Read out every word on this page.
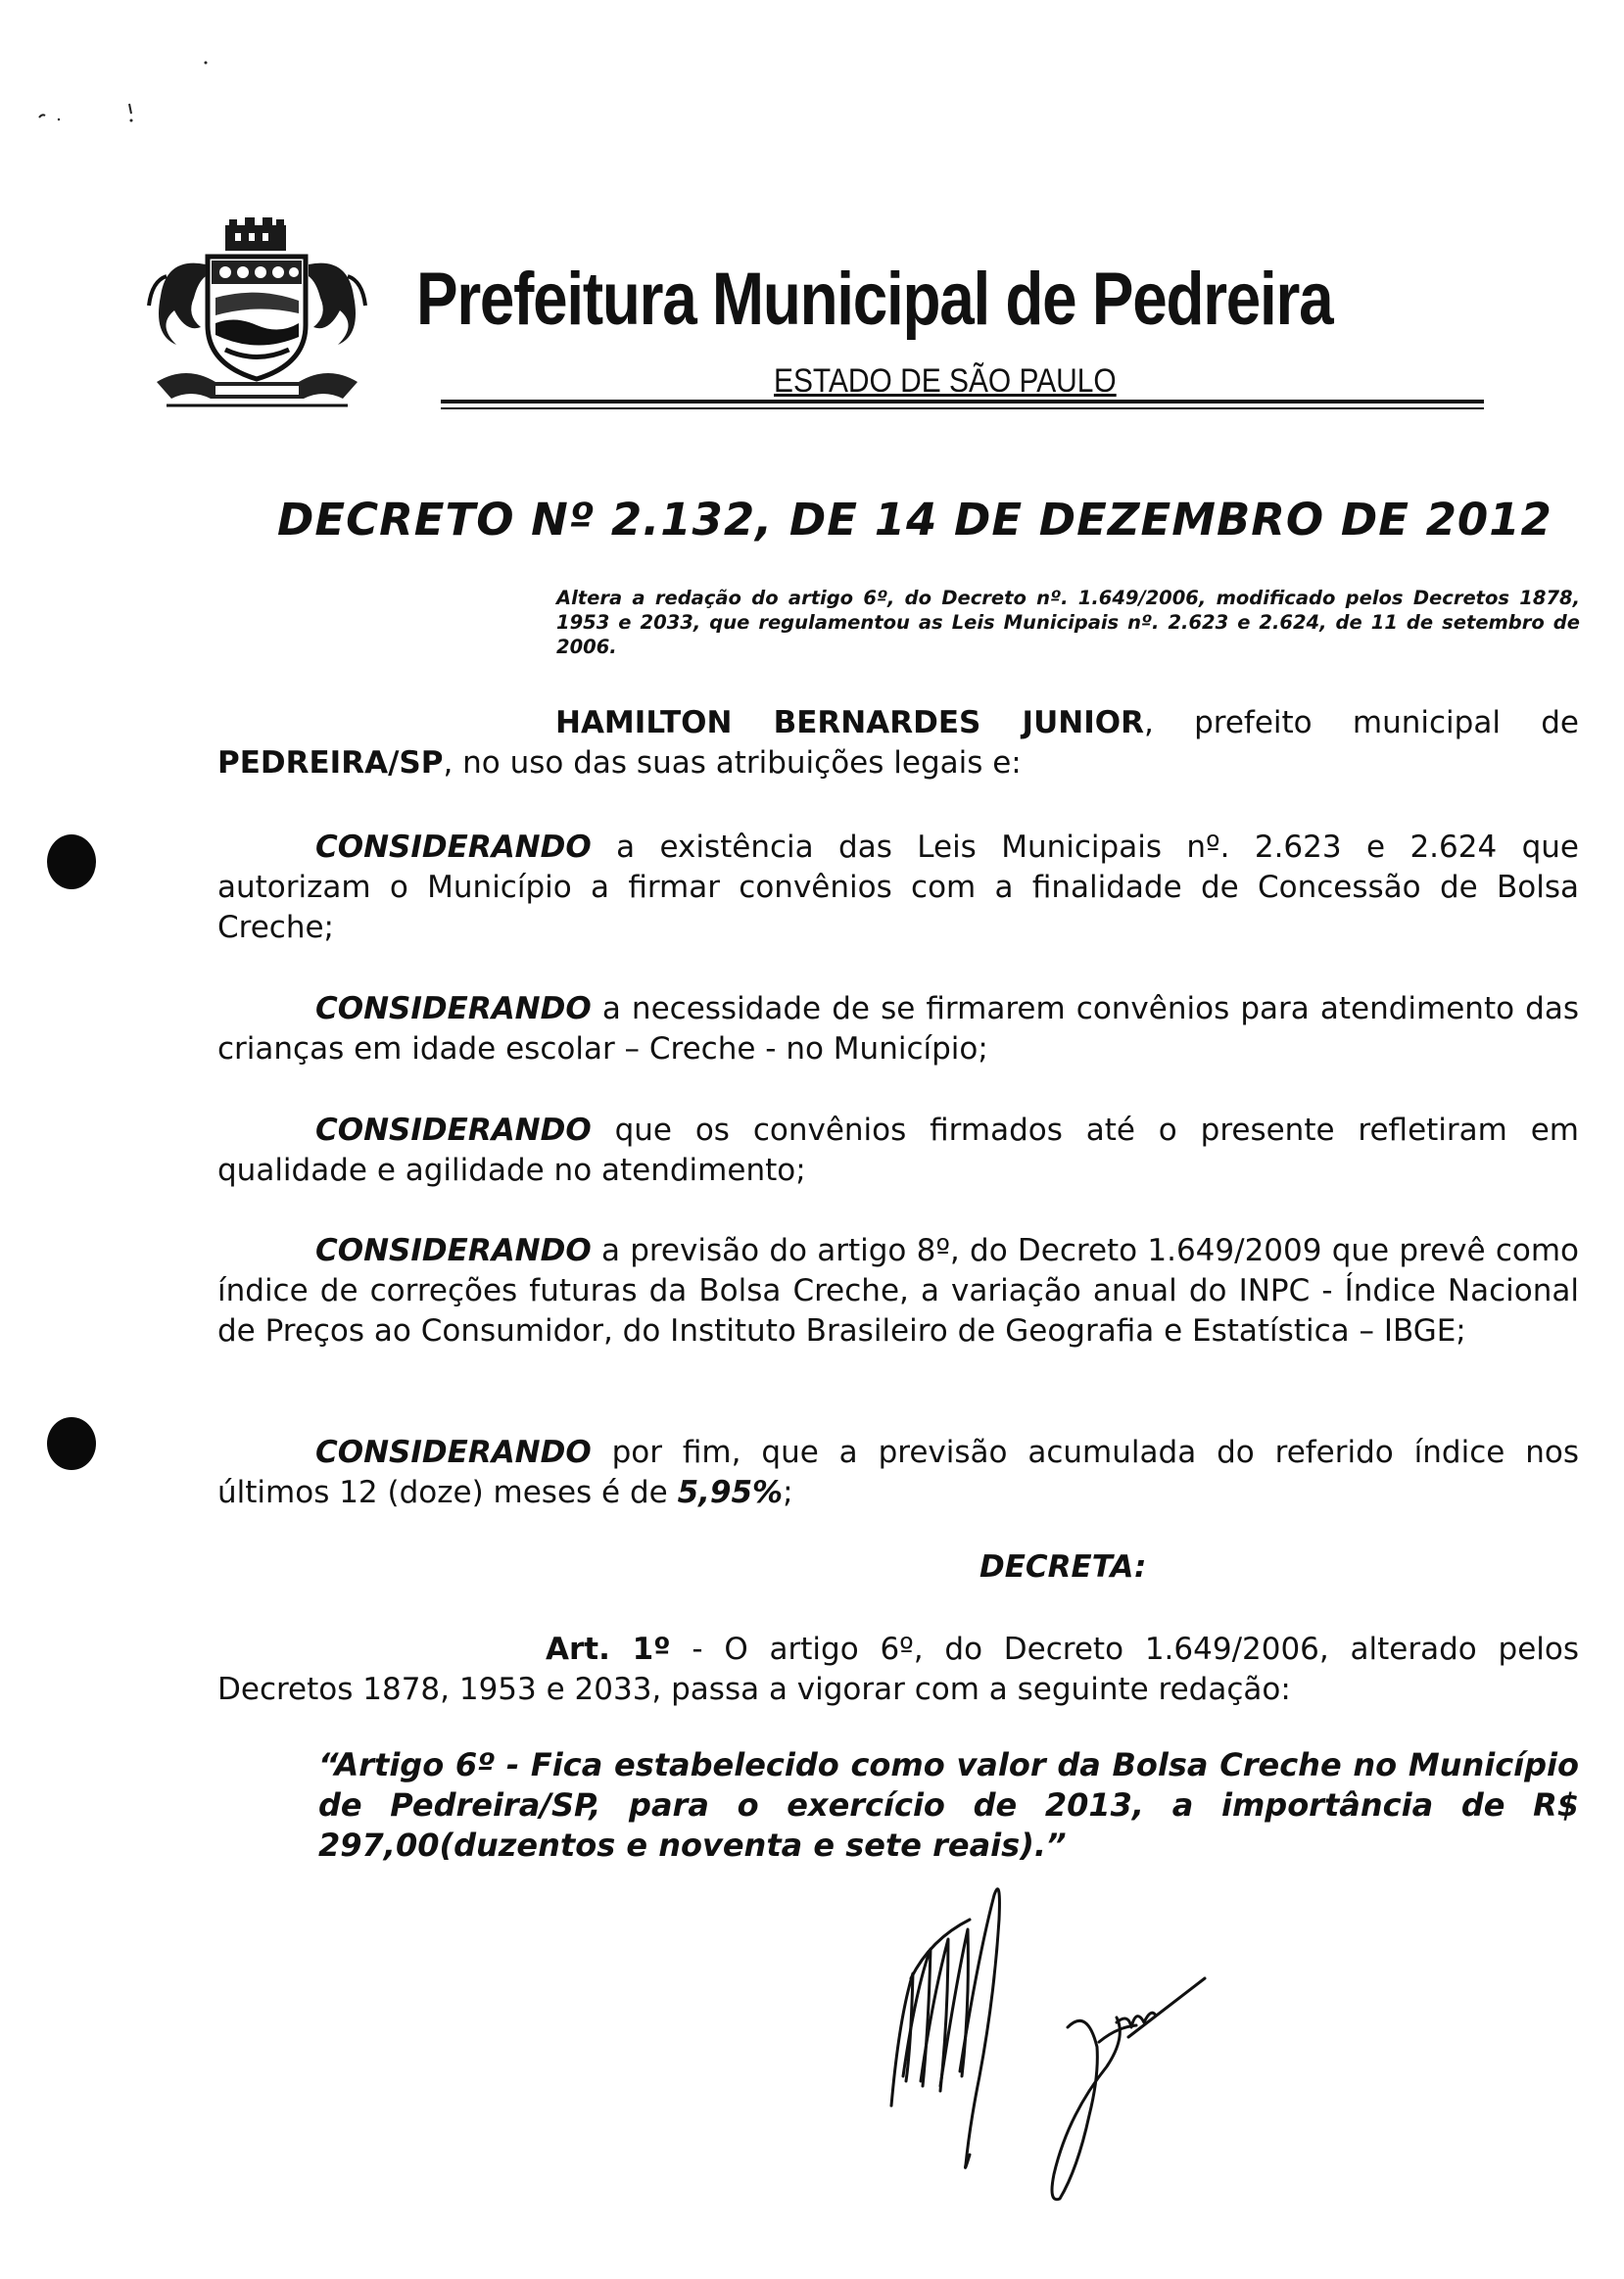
Prefeitura Municipal de Pedreira
ESTADO DE SÃO PAULO
DECRETO Nº 2.132, DE 14 DE DEZEMBRO DE 2012
Altera a redação do artigo 6º, do Decreto nº. 1.649/2006, modificado pelos Decretos 1878, 1953 e 2033, que regulamentou as Leis Municipais nº. 2.623 e 2.624, de 11 de setembro de 2006.
HAMILTON BERNARDES JUNIOR, prefeito municipal de PEDREIRA/SP, no uso das suas atribuições legais e:
CONSIDERANDO a existência das Leis Municipais nº. 2.623 e 2.624 que autorizam o Município a firmar convênios com a finalidade de Concessão de Bolsa Creche;
CONSIDERANDO a necessidade de se firmarem convênios para atendimento das crianças em idade escolar – Creche - no Município;
CONSIDERANDO que os convênios firmados até o presente refletiram em qualidade e agilidade no atendimento;
CONSIDERANDO a previsão do artigo 8º, do Decreto 1.649/2009 que prevê como índice de correções futuras da Bolsa Creche, a variação anual do INPC - Índice Nacional de Preços ao Consumidor, do Instituto Brasileiro de Geografia e Estatística – IBGE;
CONSIDERANDO por fim, que a previsão acumulada do referido índice nos últimos 12 (doze) meses é de 5,95%;
DECRETA:
Art. 1º - O artigo 6º, do Decreto 1.649/2006, alterado pelos Decretos 1878, 1953 e 2033, passa a vigorar com a seguinte redação:
“Artigo 6º - Fica estabelecido como valor da Bolsa Creche no Município de Pedreira/SP, para o exercício de 2013, a importância de R$ 297,00(duzentos e noventa e sete reais).”
